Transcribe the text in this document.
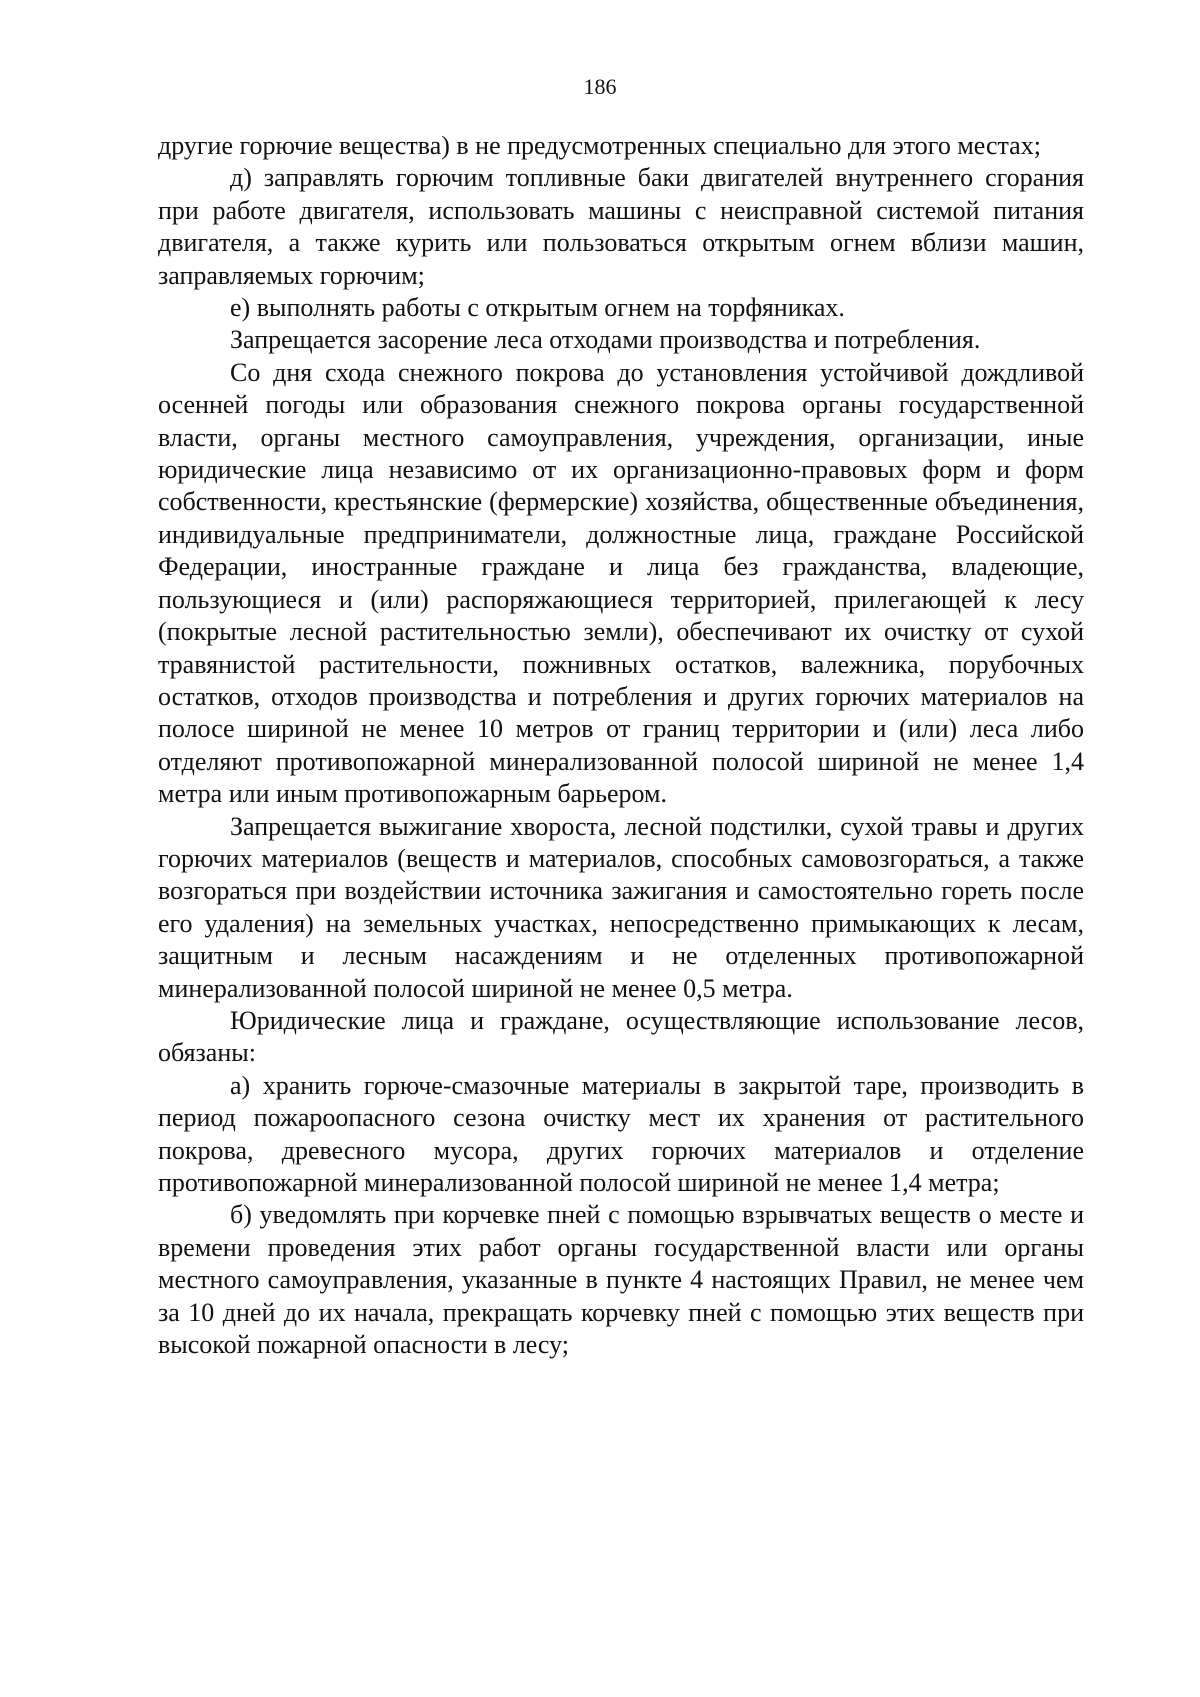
186

другие горючие вещества) в не предусмотренных специально для этого местах;

д) заправлять горючим топливные баки двигателей внутреннего сгорания при работе двигателя, использовать машины с неисправной системой питания двигателя, а также курить или пользоваться открытым огнем вблизи машин, заправляемых горючим;

е) выполнять работы с открытым огнем на торфяниках.

Запрещается засорение леса отходами производства и потребления.

Со дня схода снежного покрова до установления устойчивой дождливой осенней погоды или образования снежного покрова органы государственной власти, органы местного самоуправления, учреждения, организации, иные юридические лица независимо от их организационно-правовых форм и форм собственности, крестьянские (фермерские) хозяйства, общественные объединения, индивидуальные предприниматели, должностные лица, граждане Российской Федерации, иностранные граждане и лица без гражданства, владеющие, пользующиеся и (или) распоряжающиеся территорией, прилегающей к лесу (покрытые лесной растительностью земли), обеспечивают их очистку от сухой травянистой растительности, пожнивных остатков, валежника, порубочных остатков, отходов производства и потребления и других горючих материалов на полосе шириной не менее 10 метров от границ территории и (или) леса либо отделяют противопожарной минерализованной полосой шириной не менее 1,4 метра или иным противопожарным барьером.

Запрещается выжигание хвороста, лесной подстилки, сухой травы и других горючих материалов (веществ и материалов, способных самовозгораться, а также возгораться при воздействии источника зажигания и самостоятельно гореть после его удаления) на земельных участках, непосредственно примыкающих к лесам, защитным и лесным насаждениям и не отделенных противопожарной минерализованной полосой шириной не менее 0,5 метра.

Юридические лица и граждане, осуществляющие использование лесов, обязаны:

а) хранить горюче-смазочные материалы в закрытой таре, производить в период пожароопасного сезона очистку мест их хранения от растительного покрова, древесного мусора, других горючих материалов и отделение противопожарной минерализованной полосой шириной не менее 1,4 метра;

б) уведомлять при корчевке пней с помощью взрывчатых веществ о месте и времени проведения этих работ органы государственной власти или органы местного самоуправления, указанные в пункте 4 настоящих Правил, не менее чем за 10 дней до их начала, прекращать корчевку пней с помощью этих веществ при высокой пожарной опасности в лесу;
